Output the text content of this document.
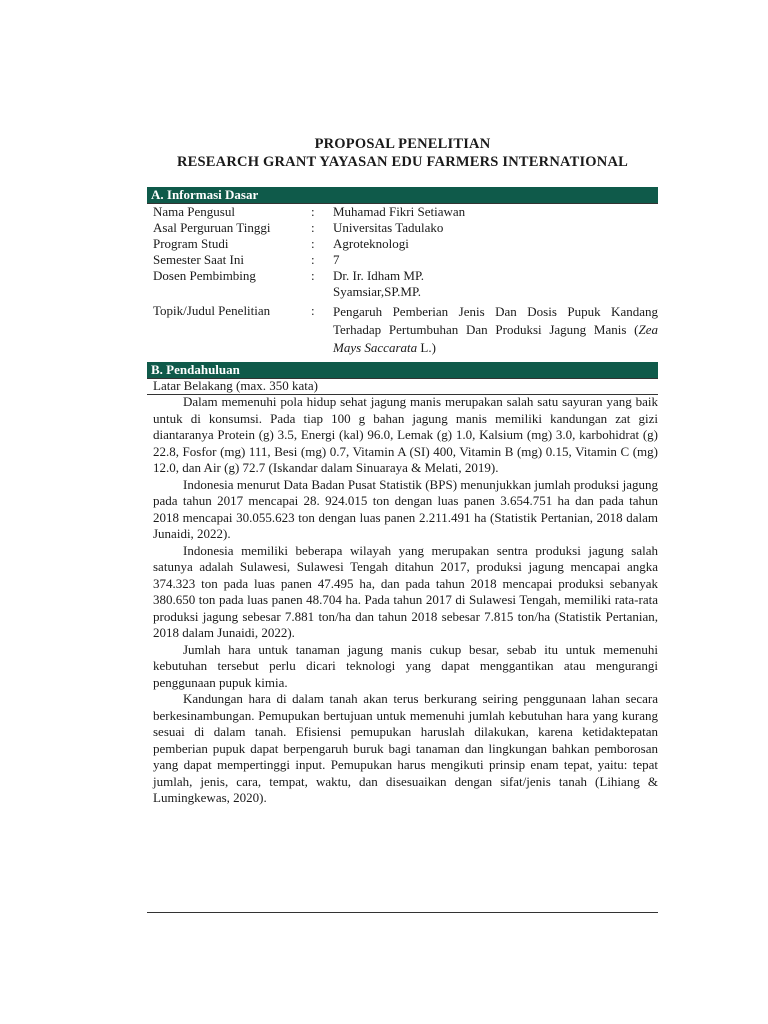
PROPOSAL PENELITIAN
RESEARCH GRANT YAYASAN EDU FARMERS INTERNATIONAL
A. Informasi Dasar
Nama Pengusul	:	Muhamad Fikri Setiawan
Asal Perguruan Tinggi	:	Universitas Tadulako
Program Studi	:	Agroteknologi
Semester Saat Ini	:	7
Dosen Pembimbing	:	Dr. Ir. Idham MP.
Syamsiar,SP.MP.
Topik/Judul Penelitian	:	Pengaruh Pemberian Jenis Dan Dosis Pupuk Kandang Terhadap Pertumbuhan Dan Produksi Jagung Manis (Zea Mays Saccarata L.)
B. Pendahuluan
Latar Belakang (max. 350 kata)

Dalam memenuhi pola hidup sehat jagung manis merupakan salah satu sayuran yang baik untuk di konsumsi. Pada tiap 100 g bahan jagung manis memiliki kandungan zat gizi diantaranya Protein (g) 3.5, Energi (kal) 96.0, Lemak (g) 1.0, Kalsium (mg) 3.0, karbohidrat (g) 22.8, Fosfor (mg) 111, Besi (mg) 0.7, Vitamin A (SI) 400, Vitamin B (mg) 0.15, Vitamin C (mg) 12.0, dan Air (g) 72.7 (Iskandar dalam Sinuaraya & Melati, 2019).

Indonesia menurut Data Badan Pusat Statistik (BPS) menunjukkan jumlah produksi jagung pada tahun 2017 mencapai 28. 924.015 ton dengan luas panen 3.654.751 ha dan pada tahun 2018 mencapai 30.055.623 ton dengan luas panen 2.211.491 ha (Statistik Pertanian, 2018 dalam Junaidi, 2022).

Indonesia memiliki beberapa wilayah yang merupakan sentra produksi jagung salah satunya adalah Sulawesi, Sulawesi Tengah ditahun 2017, produksi jagung mencapai angka 374.323 ton pada luas panen 47.495 ha, dan pada tahun 2018 mencapai produksi sebanyak 380.650 ton pada luas panen 48.704 ha. Pada tahun 2017 di Sulawesi Tengah, memiliki rata-rata produksi jagung sebesar 7.881 ton/ha dan tahun 2018 sebesar 7.815 ton/ha (Statistik Pertanian, 2018 dalam Junaidi, 2022).

Jumlah hara untuk tanaman jagung manis cukup besar, sebab itu untuk memenuhi kebutuhan tersebut perlu dicari teknologi yang dapat menggantikan atau mengurangi penggunaan pupuk kimia.

Kandungan hara di dalam tanah akan terus berkurang seiring penggunaan lahan secara berkesinambungan. Pemupukan bertujuan untuk memenuhi jumlah kebutuhan hara yang kurang sesuai di dalam tanah. Efisiensi pemupukan haruslah dilakukan, karena ketidaktepatan pemberian pupuk dapat berpengaruh buruk bagi tanaman dan lingkungan bahkan pemborosan yang dapat mempertinggi input. Pemupukan harus mengikuti prinsip enam tepat, yaitu: tepat jumlah, jenis, cara, tempat, waktu, dan disesuaikan dengan sifat/jenis tanah (Lihiang & Lumingkewas, 2020).
